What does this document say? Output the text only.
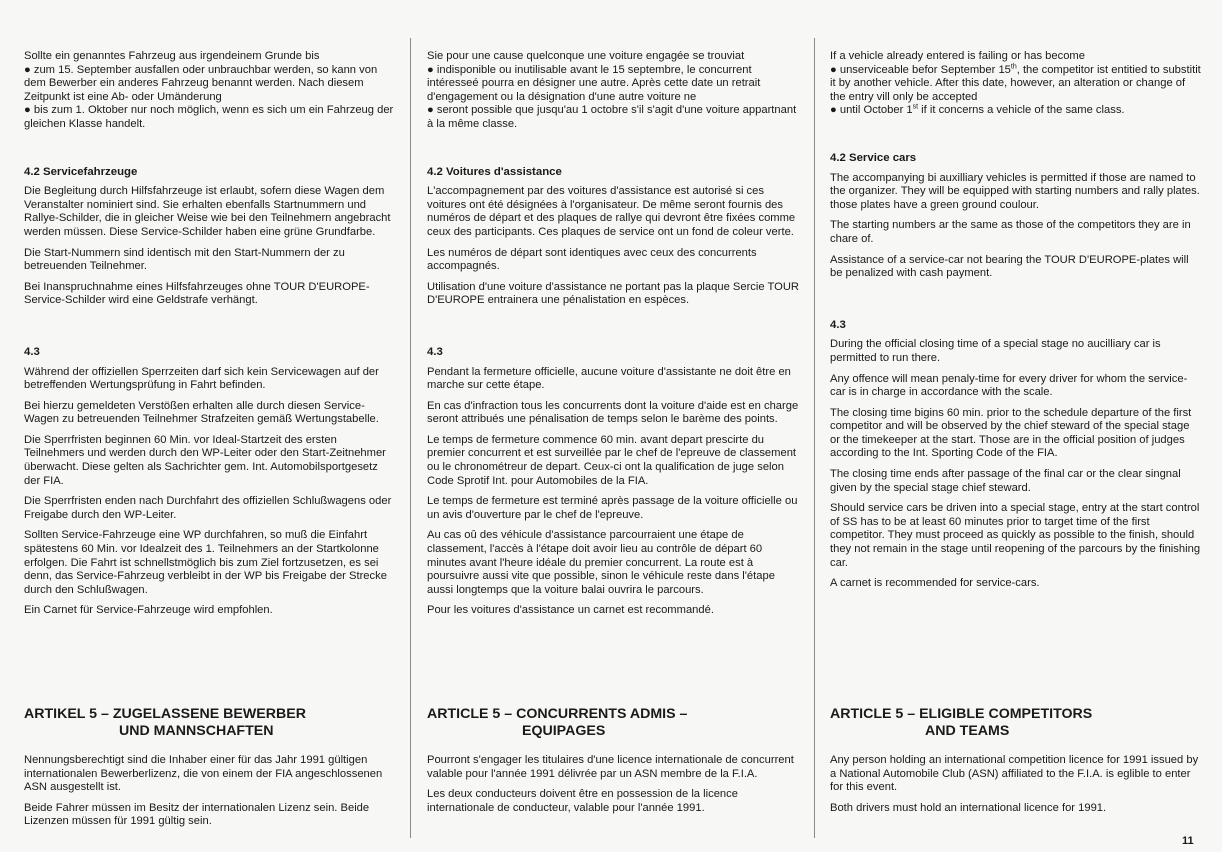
Sollte ein genanntes Fahrzeug aus irgendeinem Grunde bis

● zum 15. September ausfallen oder unbrauchbar werden, so kann von dem Bewerber ein anderes Fahrzeug benannt werden. Nach diesem Zeitpunkt ist eine Ab- oder Umänderung

● bis zum 1. Oktober nur noch möglich, wenn es sich um ein Fahrzeug der gleichen Klasse handelt.

4.2 Servicefahrzeuge

Die Begleitung durch Hilfsfahrzeuge ist erlaubt, sofern diese Wagen dem Veranstalter nominiert sind. Sie erhalten ebenfalls Startnummern und Rallye-Schilder, die in gleicher Weise wie bei den Teilnehmern angebracht werden müssen. Diese Service-Schilder haben eine grüne Grundfarbe.

Die Start-Nummern sind identisch mit den Start-Nummern der zu betreuenden Teilnehmer.

Bei Inanspruchnahme eines Hilfsfahrzeuges ohne TOUR D'EUROPE-Service-Schilder wird eine Geldstrafe verhängt.

4.3

Während der offiziellen Sperrzeiten darf sich kein Servicewagen auf der betreffenden Wertungsprüfung in Fahrt befinden.

Bei hierzu gemeldeten Verstößen erhalten alle durch diesen Service-Wagen zu betreuenden Teilnehmer Strafzeiten gemäß Wertungstabelle.

Die Sperrfristen beginnen 60 Min. vor Ideal-Startzeit des ersten Teilnehmers und werden durch den WP-Leiter oder den Start-Zeitnehmer überwacht. Diese gelten als Sachrichter gem. Int. Automobilsportgesetz der FIA.

Die Sperrfristen enden nach Durchfahrt des offiziellen Schlußwagens oder Freigabe durch den WP-Leiter.

Sollten Service-Fahrzeuge eine WP durchfahren, so muß die Einfahrt spätestens 60 Min. vor Idealzeit des 1. Teilnehmers an der Startkolonne erfolgen. Die Fahrt ist schnellstmöglich bis zum Ziel fortzusetzen, es sei denn, das Service-Fahrzeug verbleibt in der WP bis Freigabe der Strecke durch den Schlußwagen.

Ein Carnet für Service-Fahrzeuge wird empfohlen.

Sie pour une cause quelconque une voiture engagée se trouviat

● indisponible ou inutilisable avant le 15 septembre, le concurrent intéresseé pourra en désigner une autre. Après cette date un retrait d'engagement ou la désignation d'une autre voiture ne

● seront possible que jusqu'au 1 octobre s'il s'agit d'une voiture appartnant à la même classe.

4.2 Voitures d'assistance

L'accompagnement par des voitures d'assistance est autorisé si ces voitures ont été désignées à l'organisateur. De même seront fournis des numéros de départ et des plaques de rallye qui devront être fixées comme ceux des participants. Ces plaques de service ont un fond de coleur verte.

Les numéros de départ sont identiques avec ceux des concurrents accompagnés.

Utilisation d'une voiture d'assistance ne portant pas la plaque Sercie TOUR D'EUROPE entrainera une pénalistation en espèces.

4.3

Pendant la fermeture officielle, aucune voiture d'assistante ne doit être en marche sur cette étape.

En cas d'infraction tous les concurrents dont la voiture d'aide est en charge seront attribués une pénalisation de temps selon le barème des points.

Le temps de fermeture commence 60 min. avant depart prescirte du premier concurrent et est surveillée par le chef de l'epreuve de classement ou le chronométreur de depart. Ceux-ci ont la qualification de juge selon Code Sprotif Int. pour Automobiles de la FIA.

Le temps de fermeture est terminé après passage de la voiture officielle ou un avis d'ouverture par le chef de l'epreuve.

Au cas oû des véhicule d'assistance parcourraient une étape de classement, l'accès à l'étape doit avoir lieu au contrôle de départ 60 minutes avant l'heure idéale du premier concurrent. La route est à poursuivre aussi vite que possible, sinon le véhicule reste dans l'étape aussi longtemps que la voiture balai ouvrira le parcours.

Pour les voitures d'assistance un carnet est recommandé.

If a vehicle already entered is failing or has become

● unserviceable befor September 15th, the competitor ist entitied to substitit it by another vehicle. After this date, however, an alteration or change of the entry vill only be accepted

● until October 1st if it concerns a vehicle of the same class.

4.2 Service cars

The accompanying bi auxilliary vehicles is permitted if those are named to the organizer. They will be equipped with starting numbers and rally plates. those plates have a green ground coulour.

The starting numbers ar the same as those of the competitors they are in chare of.

Assistance of a service-car not bearing the TOUR D'EUROPE-plates will be penalized with cash payment.

4.3

During the official closing time of a special stage no aucilliary car is permitted to run there.

Any offence will mean penaly-time for every driver for whom the service-car is in charge in accordance with the scale.

The closing time bigins 60 min. prior to the schedule departure of the first competitor and will be observed by the chief steward of the special stage or the timekeeper at the start. Those are in the official position of judges according to the Int. Sporting Code of the FIA.

The closing time ends after passage of the final car or the clear singnal given by the special stage chief steward.

Should service cars be driven into a special stage, entry at the start control of SS has to be at least 60 minutes prior to target time of the first competitor. They must proceed as quickly as possible to the finish, should they not remain in the stage until reopening of the parcours by the finishing car.

A carnet is recommended for service-cars.

ARTIKEL 5 – ZUGELASSENE BEWERBER
UND MANNSCHAFTEN

Nennungsberechtigt sind die Inhaber einer für das Jahr 1991 gültigen internationalen Bewerberlizenz, die von einem der FIA angeschlossenen ASN ausgestellt ist.

Beide Fahrer müssen im Besitz der internationalen Lizenz sein. Beide Lizenzen müssen für 1991 gültig sein.

ARTICLE 5 – CONCURRENTS ADMIS –
EQUIPAGES

Pourront s'engager les titulaires d'une licence internationale de concurrent valable pour l'année 1991 délivrée par un ASN membre de la F.I.A.

Les deux conducteurs doivent être en possession de la licence internationale de conducteur, valable pour l'année 1991.

ARTICLE 5 – ELIGIBLE COMPETITORS
AND TEAMS

Any person holding an international competition licence for 1991 issued by a National Automobile Club (ASN) affiliated to the F.I.A. is eglible to enter for this event.

Both drivers must hold an international licence for 1991.

11
